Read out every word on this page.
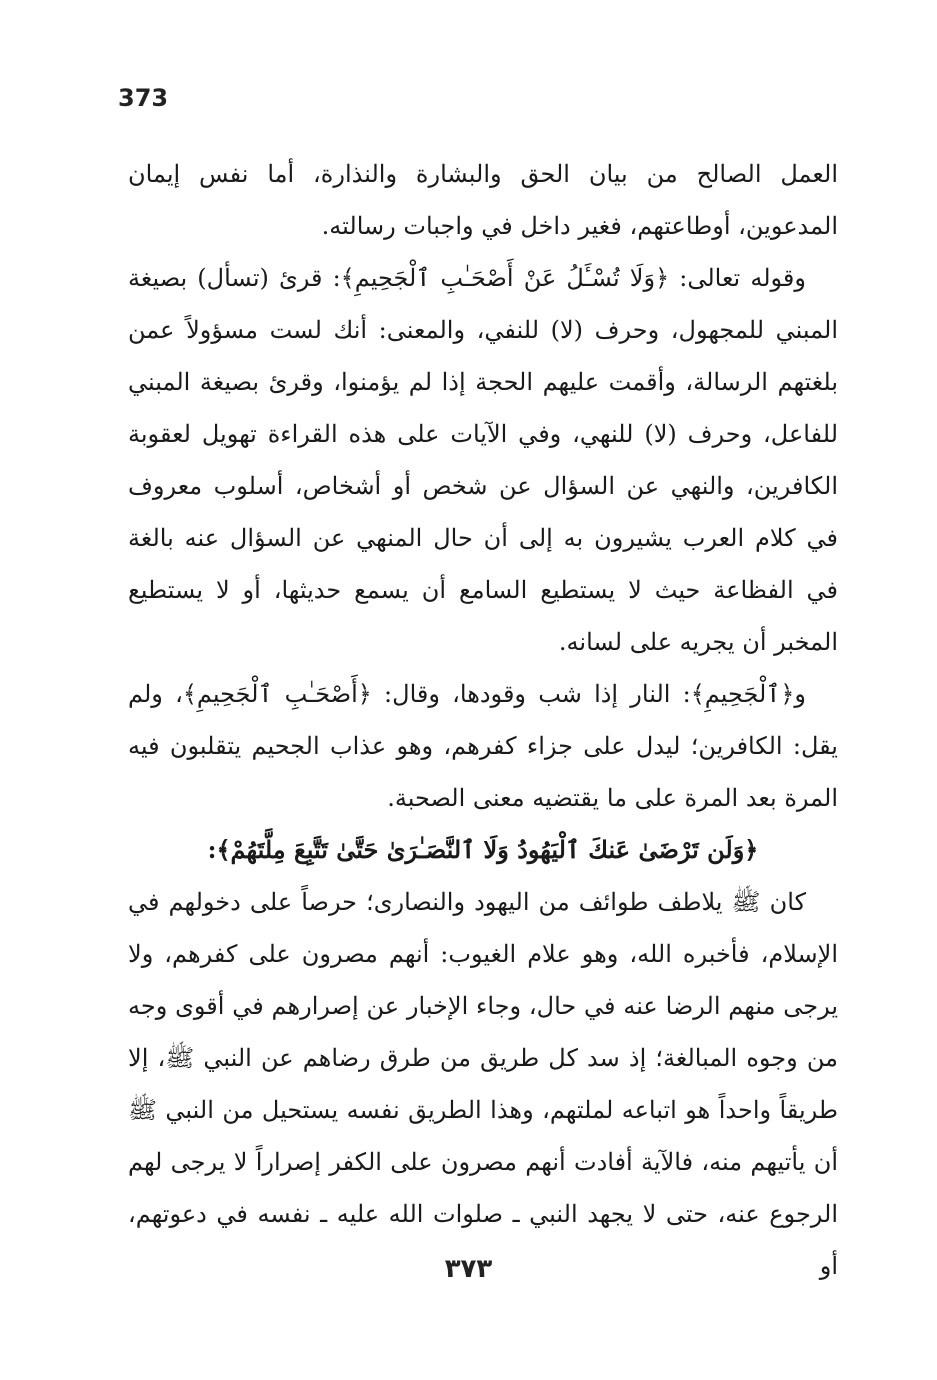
373

العمل الصالح من بيان الحق والبشارة والنذارة، أما نفس إيمان المدعوين، أوطاعتهم، فغير داخل في واجبات رسالته.

وقوله تعالى: ﴿وَلَا تُسْـَٔلُ عَنْ أَصْحَـٰبِ ٱلْجَحِيمِ﴾: قرئ (تسأل) بصيغة المبني للمجهول، وحرف (لا) للنفي، والمعنى: أنك لست مسؤولاً عمن بلغتهم الرسالة، وأقمت عليهم الحجة إذا لم يؤمنوا، وقرئ بصيغة المبني للفاعل، وحرف (لا) للنهي، وفي الآيات على هذه القراءة تهويل لعقوبة الكافرين، والنهي عن السؤال عن شخص أو أشخاص، أسلوب معروف في كلام العرب يشيرون به إلى أن حال المنهي عن السؤال عنه بالغة في الفظاعة حيث لا يستطيع السامع أن يسمع حديثها، أو لا يستطيع المخبر أن يجريه على لسانه.

و﴿ٱلْجَحِيمِ﴾: النار إذا شب وقودها، وقال: ﴿أَصْحَـٰبِ ٱلْجَحِيمِ﴾، ولم يقل: الكافرين؛ ليدل على جزاء كفرهم، وهو عذاب الجحيم يتقلبون فيه المرة بعد المرة على ما يقتضيه معنى الصحبة.

﴿وَلَن تَرْضَىٰ عَنكَ ٱلْيَهُودُ وَلَا ٱلنَّصَـٰرَىٰ حَتَّىٰ تَتَّبِعَ مِلَّتَهُمْ﴾:

كان ﷺ يلاطف طوائف من اليهود والنصارى؛ حرصاً على دخولهم في الإسلام، فأخبره الله، وهو علام الغيوب: أنهم مصرون على كفرهم، ولا يرجى منهم الرضا عنه في حال، وجاء الإخبار عن إصرارهم في أقوى وجه من وجوه المبالغة؛ إذ سد كل طريق من طرق رضاهم عن النبي ﷺ، إلا طريقاً واحداً هو اتباعه لملتهم، وهذا الطريق نفسه يستحيل من النبي ﷺ أن يأتيهم منه، فالآية أفادت أنهم مصرون على الكفر إصراراً لا يرجى لهم الرجوع عنه، حتى لا يجهد النبي ـ صلوات الله عليه ـ نفسه في دعوتهم، أو

٣٧٣
